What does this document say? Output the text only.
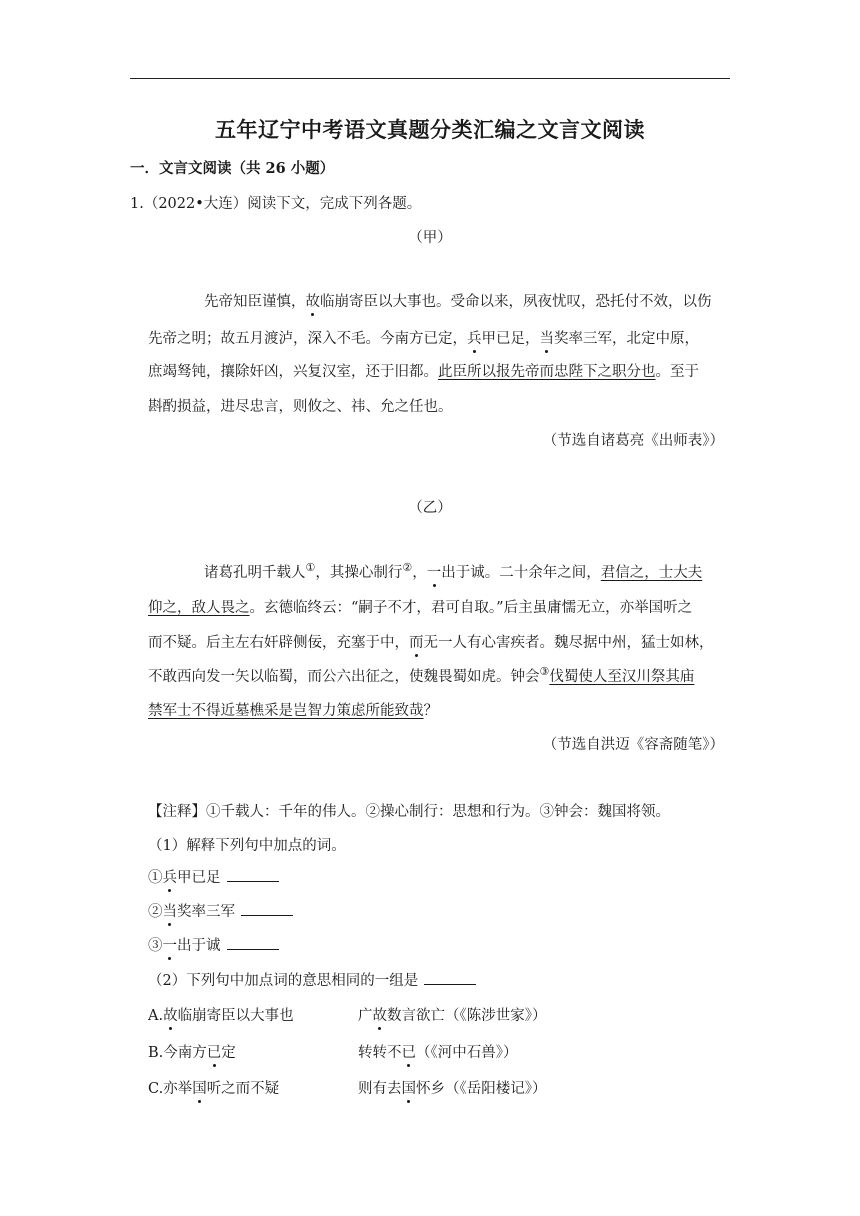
五年辽宁中考语文真题分类汇编之文言文阅读
一．文言文阅读（共 26 小题）
1.（2022•大连）阅读下文，完成下列各题。
（甲）
先帝知臣谨慎，故临崩寄臣以大事也。受命以来，夙夜忧叹，恐托付不效，以伤
先帝之明；故五月渡泸，深入不毛。今南方已定，兵甲已足，当奖率三军，北定中原，
庶竭驽钝，攘除奸凶，兴复汉室，还于旧都。此臣所以报先帝而忠陛下之职分也。至于
斟酌损益，进尽忠言，则攸之、祎、允之任也。
（节选自诸葛亮《出师表》）
（乙）
诸葛孔明千载人①，其操心制行②，一出于诚。二十余年之间，君信之，士大夫
仰之，敌人畏之。玄德临终云：“嗣子不才，君可自取。”后主虽庸懦无立，亦举国听之
而不疑。后主左右奸辟侧佞，充塞于中，而无一人有心害疾者。魏尽据中州，猛士如林，
不敢西向发一矢以临蜀，而公六出征之，使魏畏蜀如虎。钟会③伐蜀使人至汉川祭其庙
禁军士不得近墓樵采是岂智力策虑所能致哉？
（节选自洪迈《容斋随笔》）
【注释】①千载人：千年的伟人。②操心制行：思想和行为。③钟会：魏国将领。
（1）解释下列句中加点的词。
①兵甲已足
②当奖率三军
③一出于诚
（2）下列句中加点词的意思相同的一组是
A.故临崩寄臣以大事也	广故数言欲亡（《陈涉世家》）
B.今南方已定	转转不已（《河中石兽》）
C.亦举国听之而不疑	则有去国怀乡（《岳阳楼记》）
